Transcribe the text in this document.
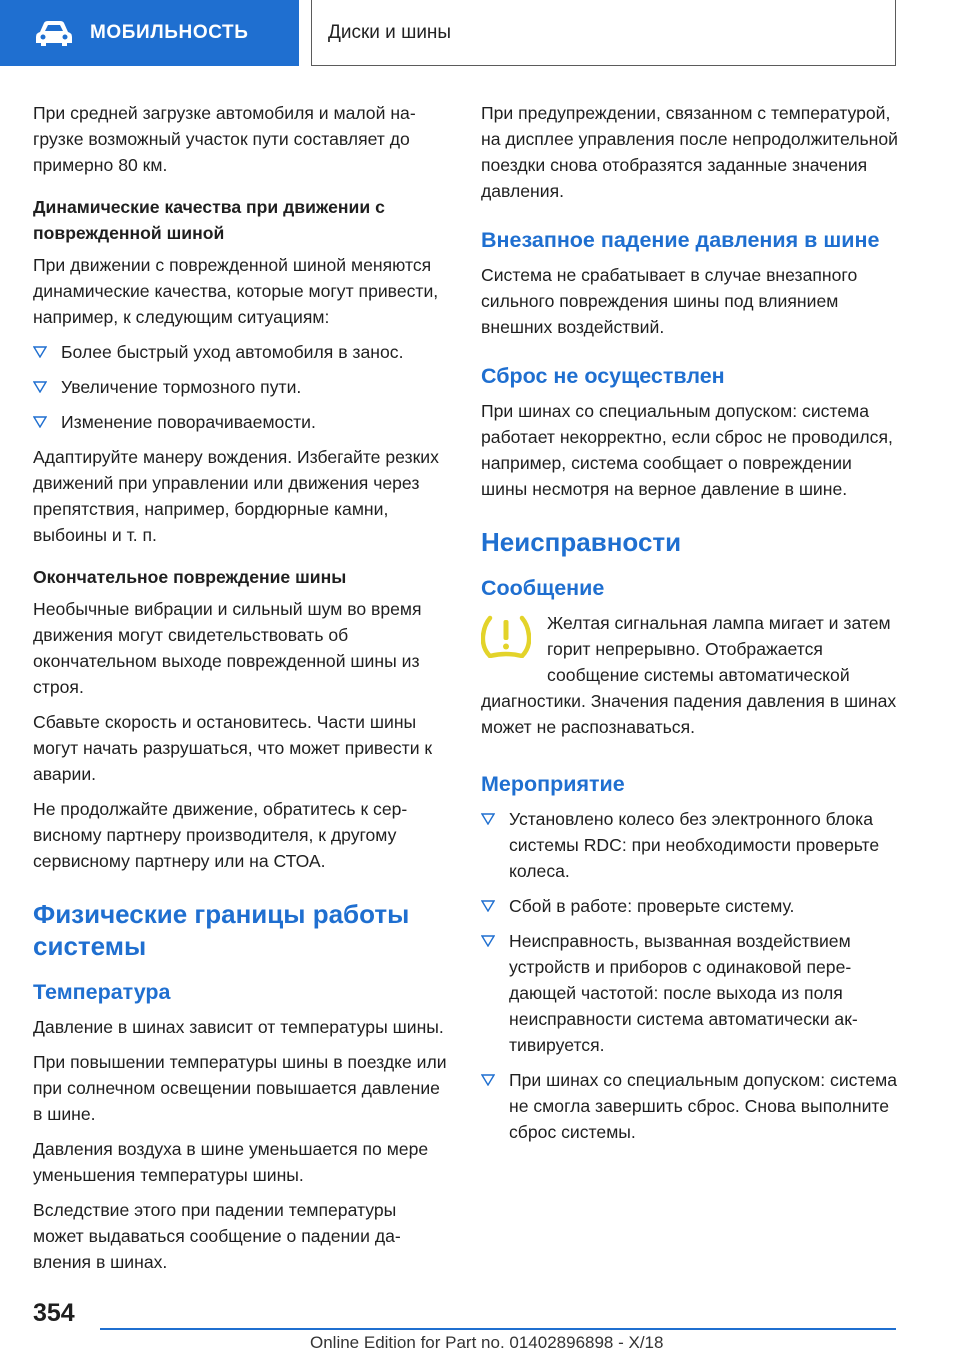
МОБИЛЬНОСТЬ	Диски и шины

При средней загрузке автомобиля и малой нагрузке возможный участок пути составляет до примерно 80 км.

Динамические качества при движении с поврежденной шиной

При движении с поврежденной шиной меняются динамические качества, которые могут привести, например, к следующим ситуациям:

Более быстрый уход автомобиля в занос.
Увеличение тормозного пути.
Изменение поворачиваемости.

Адаптируйте манеру вождения. Избегайте резких движений при управлении или движения через препятствия, например, бордюрные камни, выбоины и т. п.

Окончательное повреждение шины

Необычные вибрации и сильный шум во время движения могут свидетельствовать об окончательном выходе поврежденной шины из строя.

Сбавьте скорость и остановитесь. Части шины могут начать разрушаться, что может привести к аварии.

Не продолжайте движение, обратитесь к сервисному партнеру производителя, к другому сервисному партнеру или на СТОА.

Физические границы работы системы
Температура

Давление в шинах зависит от температуры шины.

При повышении температуры шины в поездке или при солнечном освещении повышается давление в шине.

Давления воздуха в шине уменьшается по мере уменьшения температуры шины.

Вследствие этого при падении температуры может выдаваться сообщение о падении давления в шинах.

При предупреждении, связанном с температурой, на дисплее управления после непродолжительной поездки снова отобразятся заданные значения давления.

Внезапное падение давления в шине

Система не срабатывает в случае внезапного сильного повреждения шины под влиянием внешних воздействий.

Сброс не осуществлен

При шинах со специальным допуском: система работает некорректно, если сброс не проводился, например, система сообщает о повреждении шины несмотря на верное давление в шине.

Неисправности
Сообщение

Желтая сигнальная лампа мигает и затем горит непрерывно. Отображается сообщение системы автоматической

диагностики. Значения падения давления в шинах может не распознаваться.

Мероприятие
Установлено колесо без электронного блока системы RDC: при необходимости проверьте колеса.
Сбой в работе: проверьте систему.
Неисправность, вызванная воздействием устройств и приборов с одинаковой передающей частотой: после выхода из поля неисправности система автоматически активируется.
При шинах со специальным допуском: система не смогла завершить сброс. Снова выполните сброс системы.
354
Online Edition for Part no. 01402896898 - X/18
